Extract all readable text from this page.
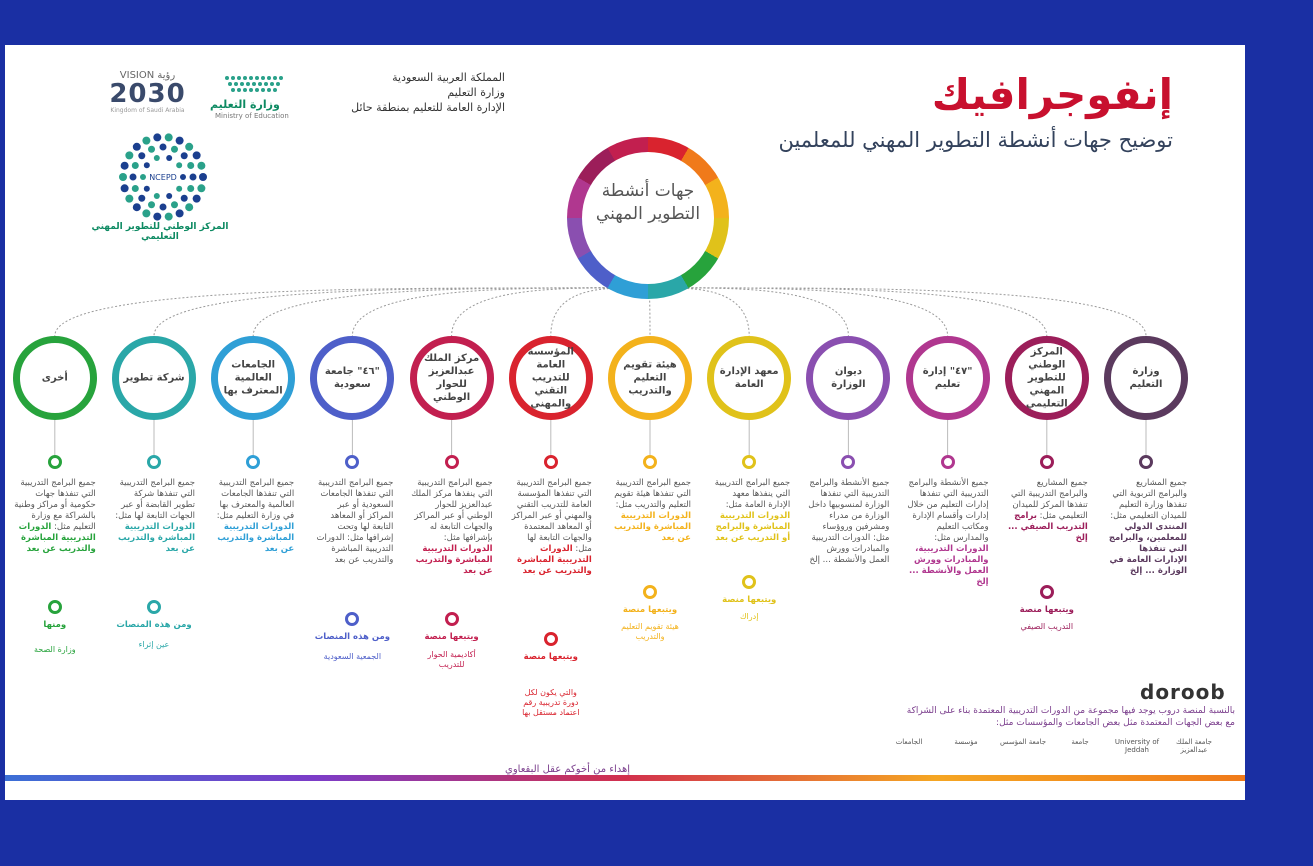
إنفوجرافيك
توضيح جهات أنشطة التطوير المهني للمعلمين
المملكة العربية السعودية
وزارة التعليم
الإدارة العامة للتعليم بمنطقة حائل
وزارة التعليم
Ministry of Education
VISION رؤية
2030
Kingdom of Saudi Arabia
NCEPD
المركز الوطني للتطوير المهني التعليمي
جهات أنشطة التطوير المهني
وزارة التعليم
جميع المشاريع والبرامج التربوية التي تنفذها وزارة التعليم للميدان التعليمي مثل: المنتدى الدولي للمعلمين، والبرامج التي تنفذها الإدارات العامة في الوزارة ... إلخ
المركز الوطني للتطوير المهني التعليمي
جميع المشاريع والبرامج التدريبية التي تنفذها المركز للميدان التعليمي مثل: برامج التدريب الصيفي ... إلخ
ويتبعها منصة
التدريب الصيفي
"٤٧" إدارة تعليم
جميع الأنشطة والبرامج التدريبية التي تنفذها إدارات التعليم من خلال إدارات وأقسام الإدارة ومكاتب التعليم والمدارس مثل: الدورات التدريبية، والمبادرات وورش العمل والأنشطة ... إلخ
ديوان الوزارة
جميع الأنشطة والبرامج التدريبية التي تنفذها الوزارة لمنسوبيها داخل الوزارة من مدراء ومشرفين وروؤساء مثل: الدورات التدريبية والمبادرات وورش العمل والأنشطة ... إلخ
معهد الإدارة العامة
جميع البرامج التدريبية التي ينفذها معهد الإدارة العامة مثل: الدورات التدريبية المباشرة والبرامج أو التدريب عن بعد
ويتبعها منصة
إدراك
هيئة تقويم التعليم والتدريب
جميع البرامج التدريبية التي تنفذها هيئة تقويم التعليم والتدريب مثل: الدورات التدريبية المباشرة والتدريب عن بعد
ويتبعها منصة
هيئة تقويم التعليم والتدريب
المؤسسة العامة للتدريب التقني والمهني
جميع البرامج التدريبية التي تنفذها المؤسسة العامة للتدريب التقني والمهني أو عبر المراكز أو المعاهد المعتمدة والجهات التابعة لها مثل: الدورات التدريبية المباشرة والتدريب عن بعد
ويتبعها منصة
والتي يكون لكل دورة تدريبية رقم اعتماد مستقل بها
مركز الملك عبدالعزيز للحوار الوطني
جميع البرامج التدريبية التي ينفذها مركز الملك عبدالعزيز للحوار الوطني أو عبر المراكز والجهات التابعة له بإشرافها مثل: الدورات التدريبية المباشرة والتدريب عن بعد
ويتبعها منصة
أكاديمية الحوار للتدريب
"٤٦" جامعة سعودية
جميع البرامج التدريبية التي تنفذها الجامعات السعودية أو عبر المراكز أو المعاهد التابعة لها وتحت إشرافها مثل: الدورات التدريبية المباشرة والتدريب عن بعد
ومن هذه المنصات
الجمعية السعودية
الجامعات العالمية المعترف بها
جميع البرامج التدريبية التي تنفذها الجامعات العالمية والمعترف بها في وزارة التعليم مثل: الدورات التدريبية المباشرة والتدريب عن بعد
شركة تطوير
جميع البرامج التدريبية التي تنفذها شركة تطوير القابضة أو عبر الجهات التابعة لها مثل: الدورات التدريبية المباشرة والتدريب عن بعد
ومن هذه المنصات
عين إثراء
أخرى
جميع البرامج التدريبية التي تنفذها جهات حكومية أو مراكز وطنية بالشراكة مع وزارة التعليم مثل: الدورات التدريبية المباشرة والتدريب عن بعد
ومنها
وزارة الصحة
doroob
بالنسبة لمنصة دروب يوجد فيها مجموعة من الدورات التدريبية المعتمدة بناء على الشراكة مع بعض الجهات المعتمدة مثل بعض الجامعات والمؤسسات مثل:
جامعة الملك عبدالعزيز
University of Jeddah
جامعة
جامعة المؤسس
مؤسسة
الجامعات
إهداء من أخوكم عقل البقعاوي
